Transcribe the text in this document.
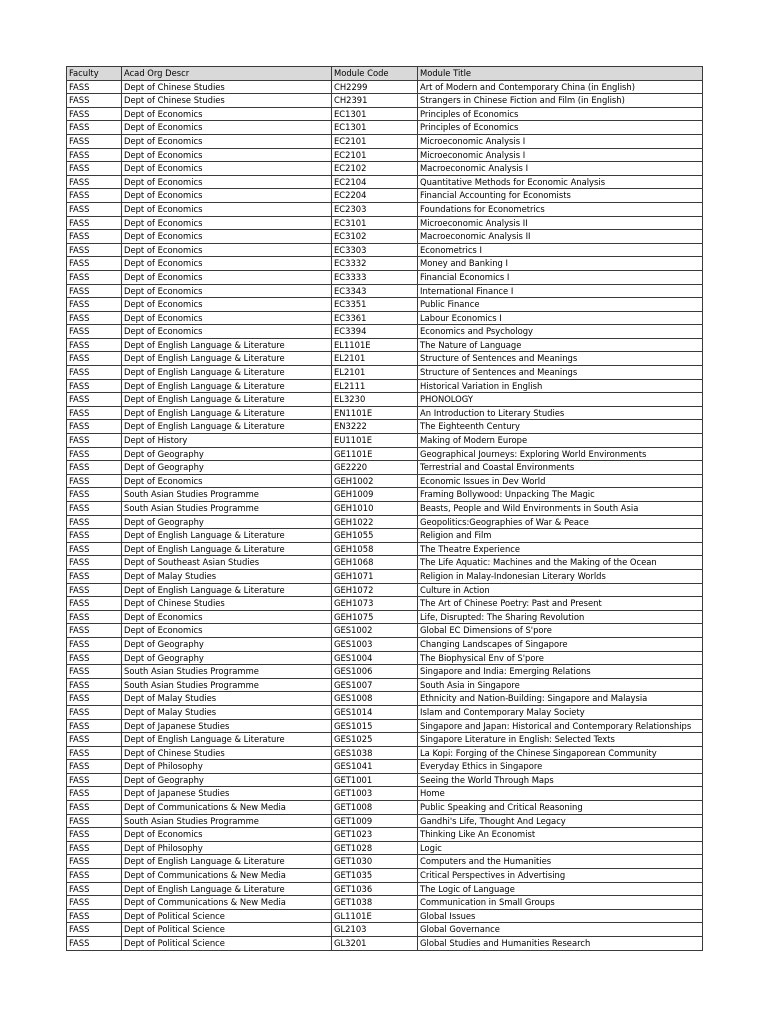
Faculty	Acad Org Descr	Module Code	Module Title
FASS	Dept of Chinese Studies	CH2299	Art of Modern and Contemporary China (in English)
FASS	Dept of Chinese Studies	CH2391	Strangers in Chinese Fiction and Film (in English)
FASS	Dept of Economics	EC1301	Principles of Economics
FASS	Dept of Economics	EC1301	Principles of Economics
FASS	Dept of Economics	EC2101	Microeconomic Analysis I
FASS	Dept of Economics	EC2101	Microeconomic Analysis I
FASS	Dept of Economics	EC2102	Macroeconomic Analysis I
FASS	Dept of Economics	EC2104	Quantitative Methods for Economic Analysis
FASS	Dept of Economics	EC2204	Financial Accounting for Economists
FASS	Dept of Economics	EC2303	Foundations for Econometrics
FASS	Dept of Economics	EC3101	Microeconomic Analysis II
FASS	Dept of Economics	EC3102	Macroeconomic Analysis II
FASS	Dept of Economics	EC3303	Econometrics I
FASS	Dept of Economics	EC3332	Money and Banking I
FASS	Dept of Economics	EC3333	Financial Economics I
FASS	Dept of Economics	EC3343	International Finance I
FASS	Dept of Economics	EC3351	Public Finance
FASS	Dept of Economics	EC3361	Labour Economics I
FASS	Dept of Economics	EC3394	Economics and Psychology
FASS	Dept of English Language & Literature	EL1101E	The Nature of Language
FASS	Dept of English Language & Literature	EL2101	Structure of Sentences and Meanings
FASS	Dept of English Language & Literature	EL2101	Structure of Sentences and Meanings
FASS	Dept of English Language & Literature	EL2111	Historical Variation in English
FASS	Dept of English Language & Literature	EL3230	PHONOLOGY
FASS	Dept of English Language & Literature	EN1101E	An Introduction to Literary Studies
FASS	Dept of English Language & Literature	EN3222	The Eighteenth Century
FASS	Dept of History	EU1101E	Making of Modern Europe
FASS	Dept of Geography	GE1101E	Geographical Journeys: Exploring World Environments
FASS	Dept of Geography	GE2220	Terrestrial and Coastal Environments
FASS	Dept of Economics	GEH1002	Economic Issues in Dev World
FASS	South Asian Studies Programme	GEH1009	Framing Bollywood: Unpacking The Magic
FASS	South Asian Studies Programme	GEH1010	Beasts, People and Wild Environments in South Asia
FASS	Dept of Geography	GEH1022	Geopolitics:Geographies of War & Peace
FASS	Dept of English Language & Literature	GEH1055	Religion and Film
FASS	Dept of English Language & Literature	GEH1058	The Theatre Experience
FASS	Dept of Southeast Asian Studies	GEH1068	The Life Aquatic: Machines and the Making of the Ocean
FASS	Dept of Malay Studies	GEH1071	Religion in Malay-Indonesian Literary Worlds
FASS	Dept of English Language & Literature	GEH1072	Culture in Action
FASS	Dept of Chinese Studies	GEH1073	The Art of Chinese Poetry: Past and Present
FASS	Dept of Economics	GEH1075	Life, Disrupted: The Sharing Revolution
FASS	Dept of Economics	GES1002	Global EC Dimensions of S'pore
FASS	Dept of Geography	GES1003	Changing Landscapes of Singapore
FASS	Dept of Geography	GES1004	The Biophysical Env of S'pore
FASS	South Asian Studies Programme	GES1006	Singapore and India: Emerging Relations
FASS	South Asian Studies Programme	GES1007	South Asia in Singapore
FASS	Dept of Malay Studies	GES1008	Ethnicity and Nation-Building: Singapore and Malaysia
FASS	Dept of Malay Studies	GES1014	Islam and Contemporary Malay Society
FASS	Dept of Japanese Studies	GES1015	Singapore and Japan: Historical and Contemporary Relationships
FASS	Dept of English Language & Literature	GES1025	Singapore Literature in English: Selected Texts
FASS	Dept of Chinese Studies	GES1038	La Kopi: Forging of the Chinese Singaporean Community
FASS	Dept of Philosophy	GES1041	Everyday Ethics in Singapore
FASS	Dept of Geography	GET1001	Seeing the World Through Maps
FASS	Dept of Japanese Studies	GET1003	Home
FASS	Dept of Communications & New Media	GET1008	Public Speaking and Critical Reasoning
FASS	South Asian Studies Programme	GET1009	Gandhi's Life, Thought And Legacy
FASS	Dept of Economics	GET1023	Thinking Like An Economist
FASS	Dept of Philosophy	GET1028	Logic
FASS	Dept of English Language & Literature	GET1030	Computers and the Humanities
FASS	Dept of Communications & New Media	GET1035	Critical Perspectives in Advertising
FASS	Dept of English Language & Literature	GET1036	The Logic of Language
FASS	Dept of Communications & New Media	GET1038	Communication in Small Groups
FASS	Dept of Political Science	GL1101E	Global Issues
FASS	Dept of Political Science	GL2103	Global Governance
FASS	Dept of Political Science	GL3201	Global Studies and Humanities Research
